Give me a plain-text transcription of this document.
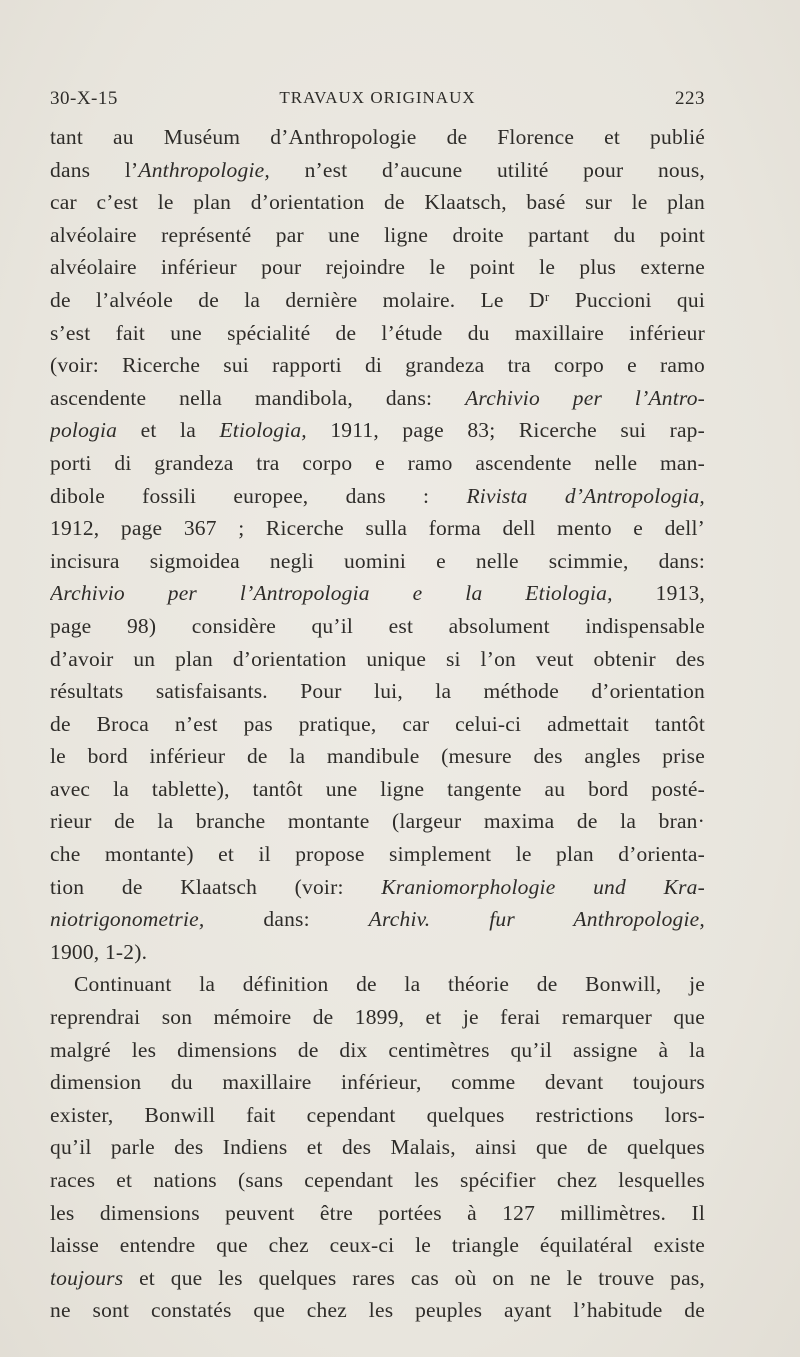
30-X-15	TRAVAUX ORIGINAUX	223
tant au Muséum d’Anthropologie de Florence et publié
dans l’Anthropologie, n’est d’aucune utilité pour nous,
car c’est le plan d’orientation de Klaatsch, basé sur le plan
alvéolaire représenté par une ligne droite partant du point
alvéolaire inférieur pour rejoindre le point le plus externe
de l’alvéole de la dernière molaire. Le Dʳ Puccioni qui
s’est fait une spécialité de l’étude du maxillaire inférieur
(voir: Ricerche sui rapporti di grandeza tra corpo e ramo
ascendente nella mandibola, dans: Archivio per l’Antro-
pologia et la Etiologia, 1911, page 83; Ricerche sui rap-
porti di grandeza tra corpo e ramo ascendente nelle man-
dibole fossili europee, dans : Rivista d’Antropologia,
1912, page 367 ; Ricerche sulla forma dell mento e dell’
incisura sigmoidea negli uomini e nelle scimmie, dans:
Archivio per l’Antropologia e la Etiologia, 1913,
page 98) considère qu’il est absolument indispensable
d’avoir un plan d’orientation unique si l’on veut obtenir des
résultats satisfaisants. Pour lui, la méthode d’orientation
de Broca n’est pas pratique, car celui-ci admettait tantôt
le bord inférieur de la mandibule (mesure des angles prise
avec la tablette), tantôt une ligne tangente au bord posté-
rieur de la branche montante (largeur maxima de la bran·
che montante) et il propose simplement le plan d’orienta-
tion de Klaatsch (voir: Kraniomorphologie und Kra-
niotrigonometrie, dans: Archiv. fur Anthropologie,
1900, 1-2).
Continuant la définition de la théorie de Bonwill, je
reprendrai son mémoire de 1899, et je ferai remarquer que
malgré les dimensions de dix centimètres qu’il assigne à la
dimension du maxillaire inférieur, comme devant toujours
exister, Bonwill fait cependant quelques restrictions lors-
qu’il parle des Indiens et des Malais, ainsi que de quelques
races et nations (sans cependant les spécifier chez lesquelles
les dimensions peuvent être portées à 127 millimètres. Il
laisse entendre que chez ceux-ci le triangle équilatéral existe
toujours et que les quelques rares cas où on ne le trouve pas,
ne sont constatés que chez les peuples ayant l’habitude de
